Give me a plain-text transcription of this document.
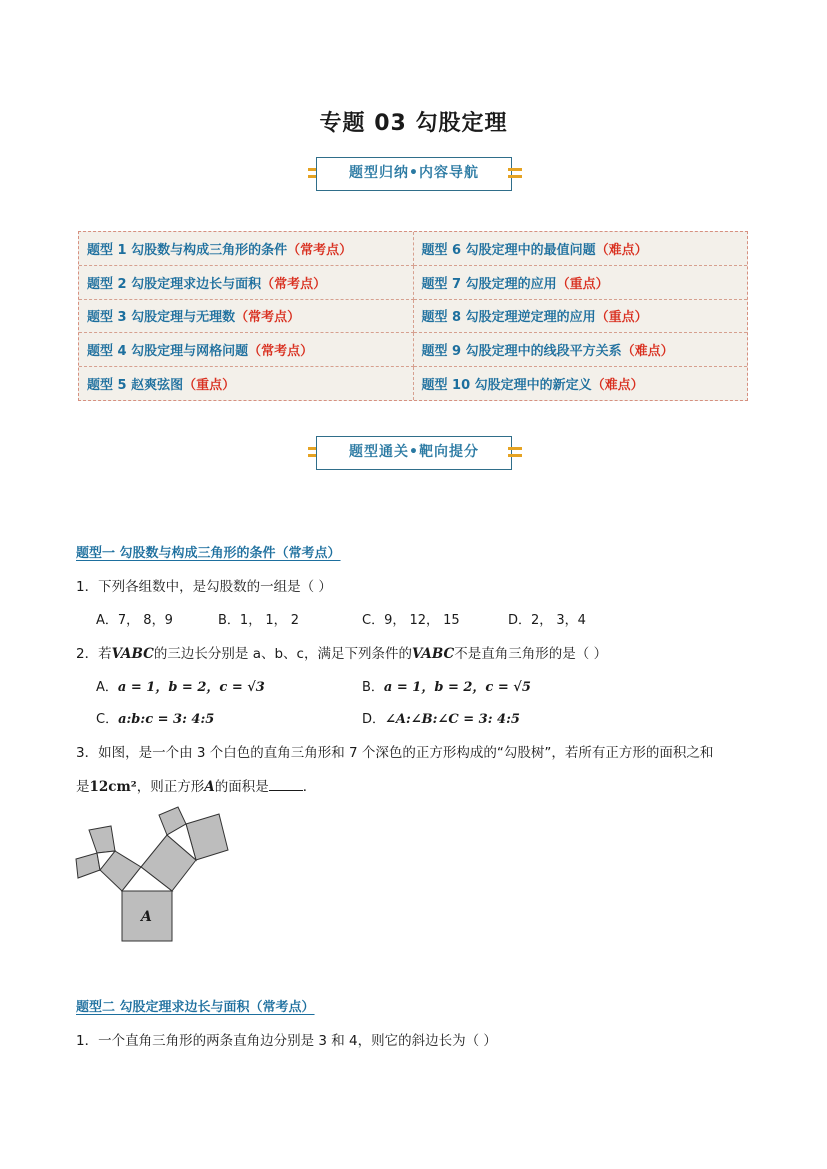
专题 03 勾股定理
题型归纳•内容导航
题型 1 勾股数与构成三角形的条件（常考点）	题型 6 勾股定理中的最值问题（难点）
题型 2 勾股定理求边长与面积（常考点）	题型 7 勾股定理的应用（重点）
题型 3 勾股定理与无理数（常考点）	题型 8 勾股定理逆定理的应用（重点）
题型 4 勾股定理与网格问题（常考点）	题型 9 勾股定理中的线段平方关系（难点）
题型 5 赵爽弦图（重点）	题型 10 勾股定理中的新定义（难点）
题型通关•靶向提分
题型一 勾股数与构成三角形的条件（常考点）
1．下列各组数中，是勾股数的一组是（ ）
A．7， 8，9	B．1， 1， 2	C．9， 12， 15	D．2， 3，4
2．若VABC的三边长分别是 a、b、c，满足下列条件的VABC不是直角三角形的是（ ）
A．a = 1，b = 2，c = √3	B．a = 1，b = 2，c = √5
C．a:b:c = 3: 4:5	D．∠A:∠B:∠C = 3: 4:5
3．如图，是一个由 3 个白色的直角三角形和 7 个深色的正方形构成的“勾股树”，若所有正方形的面积之和
是12cm²，则正方形A的面积是	．
A
题型二 勾股定理求边长与面积（常考点）
1．一个直角三角形的两条直角边分别是 3 和 4，则它的斜边长为（ ）
